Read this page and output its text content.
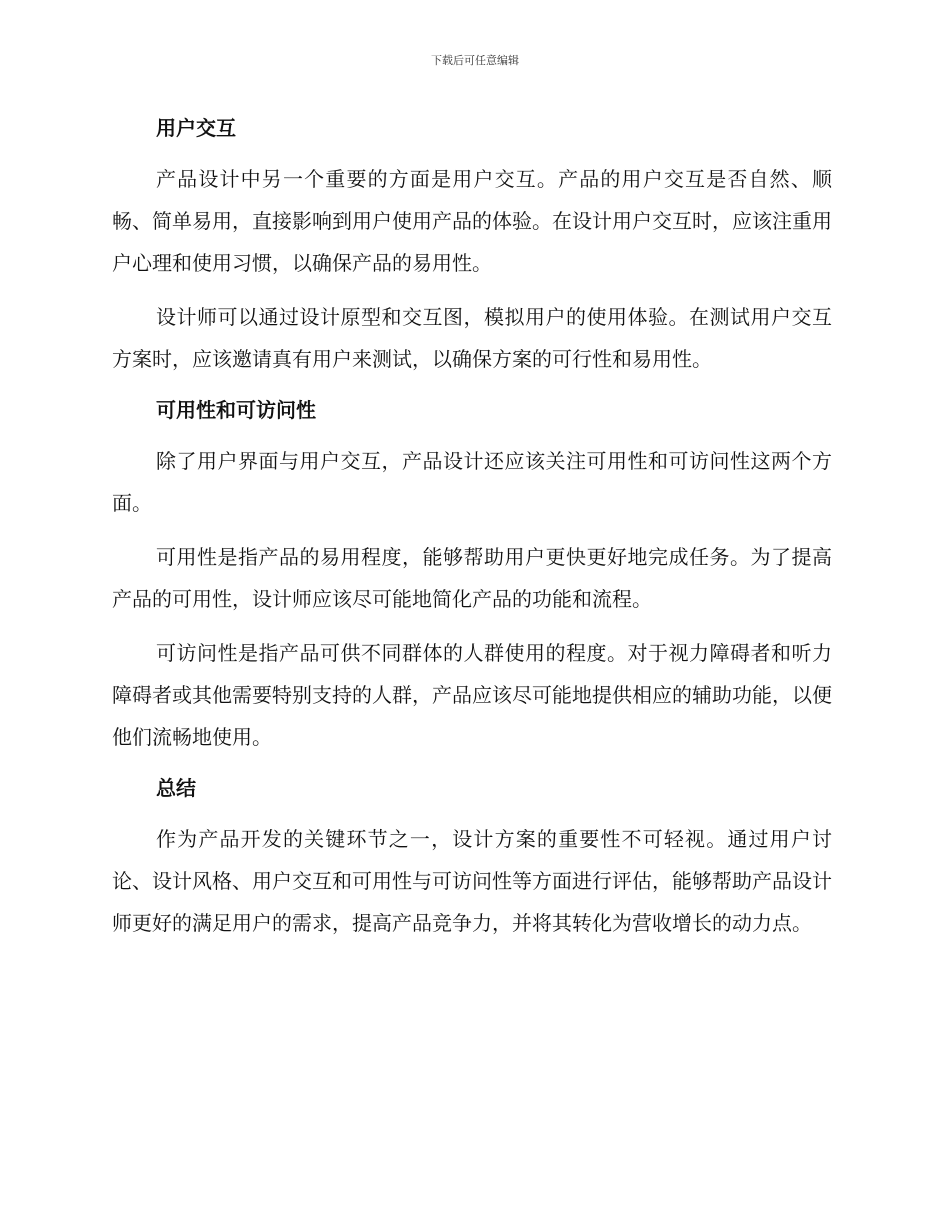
下载后可任意编辑
用户交互

产品设计中另一个重要的方面是用户交互。产品的用户交互是否自然、顺畅、简单易用，直接影响到用户使用产品的体验。在设计用户交互时，应该注重用户心理和使用习惯，以确保产品的易用性。

设计师可以通过设计原型和交互图，模拟用户的使用体验。在测试用户交互方案时，应该邀请真有用户来测试，以确保方案的可行性和易用性。

可用性和可访问性

除了用户界面与用户交互，产品设计还应该关注可用性和可访问性这两个方面。

可用性是指产品的易用程度，能够帮助用户更快更好地完成任务。为了提高产品的可用性，设计师应该尽可能地简化产品的功能和流程。

可访问性是指产品可供不同群体的人群使用的程度。对于视力障碍者和听力障碍者或其他需要特别支持的人群，产品应该尽可能地提供相应的辅助功能，以便他们流畅地使用。

总结

作为产品开发的关键环节之一，设计方案的重要性不可轻视。通过用户讨论、设计风格、用户交互和可用性与可访问性等方面进行评估，能够帮助产品设计师更好的满足用户的需求，提高产品竞争力，并将其转化为营收增长的动力点。
